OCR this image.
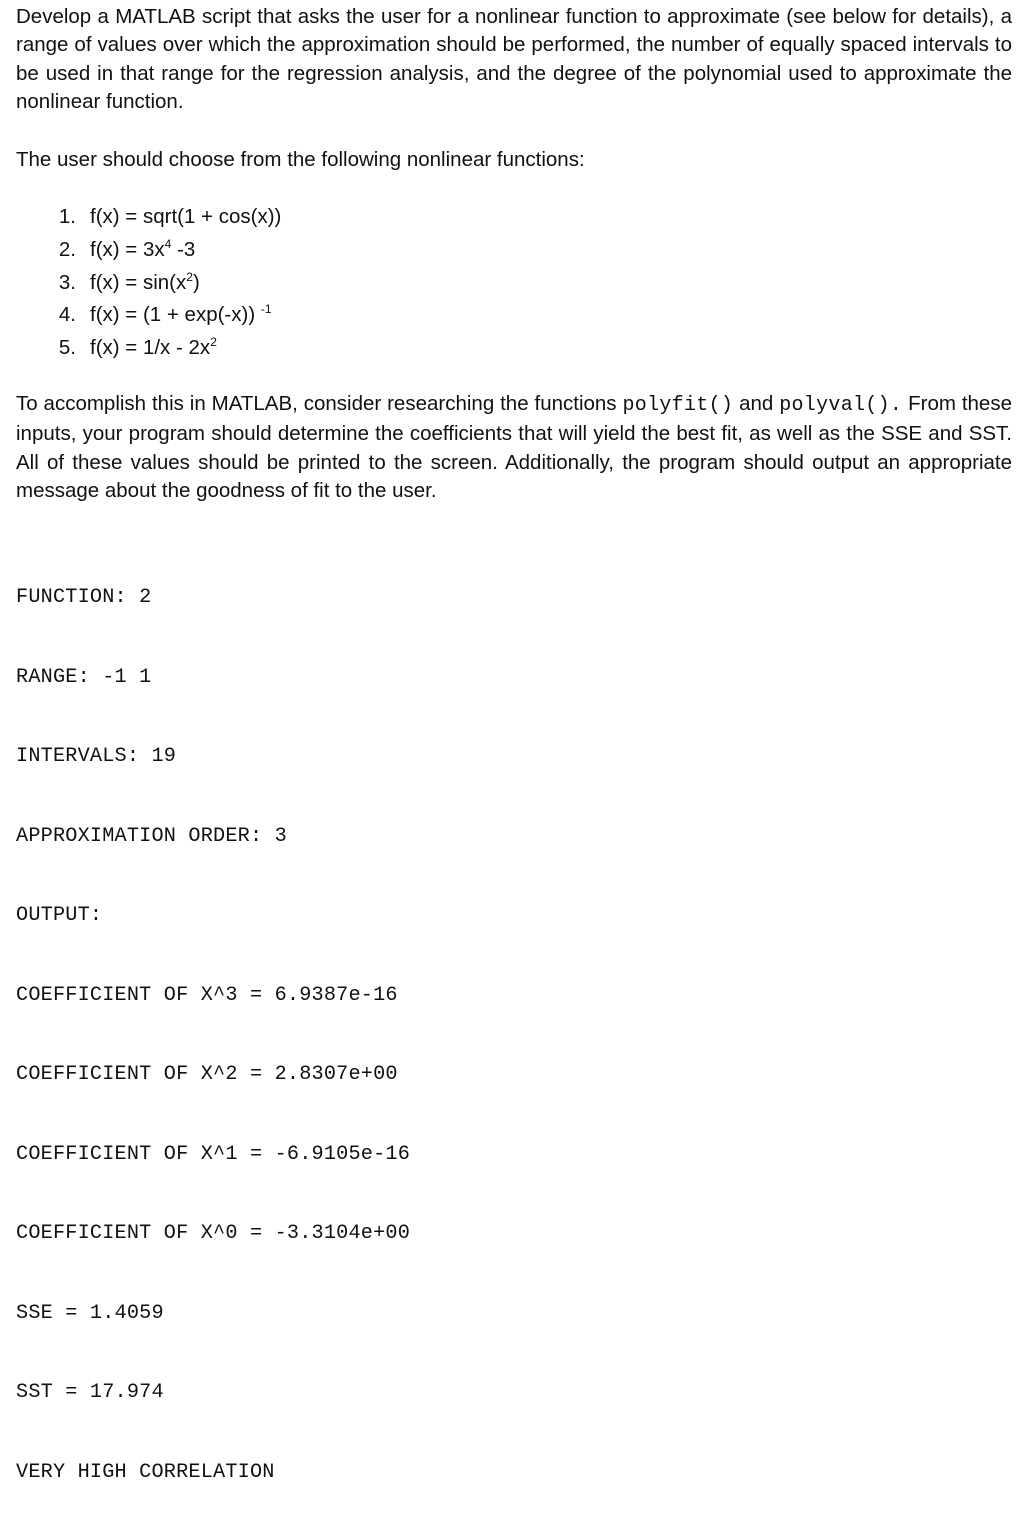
Develop a MATLAB script that asks the user for a nonlinear function to approximate (see below for details), a range of values over which the approximation should be performed, the number of equally spaced intervals to be used in that range for the regression analysis, and the degree of the polynomial used to approximate the nonlinear function.

The user should choose from the following nonlinear functions:

1. f(x) = sqrt(1 + cos(x))
2. $f(x) = 3x^4$ -3
3. $f(x) = \sin(x^2)$
4. f(x) = (1 + exp(-x)) $^{-1}$
5. $f(x) = 1/x - 2x^2$

To accomplish this in MATLAB, consider researching the functions polyfit() and polyval(). From these inputs, your program should determine the coefficients that will yield the best fit, as well as the SSE and SST. All of these values should be printed to the screen. Additionally, the program should output an appropriate message about the goodness of fit to the user.

FUNCTION: 2

RANGE: -1 1

INTERVALS: 19

APPROXIMATION ORDER: 3

OUTPUT:

COEFFICIENT OF X^3 = 6.9387e-16

COEFFICIENT OF X^2 = 2.8307e+00

COEFFICIENT OF X^1 = -6.9105e-16

COEFFICIENT OF X^0 = -3.3104e+00

SSE = 1.4059

SST = 17.974

VERY HIGH CORRELATION
